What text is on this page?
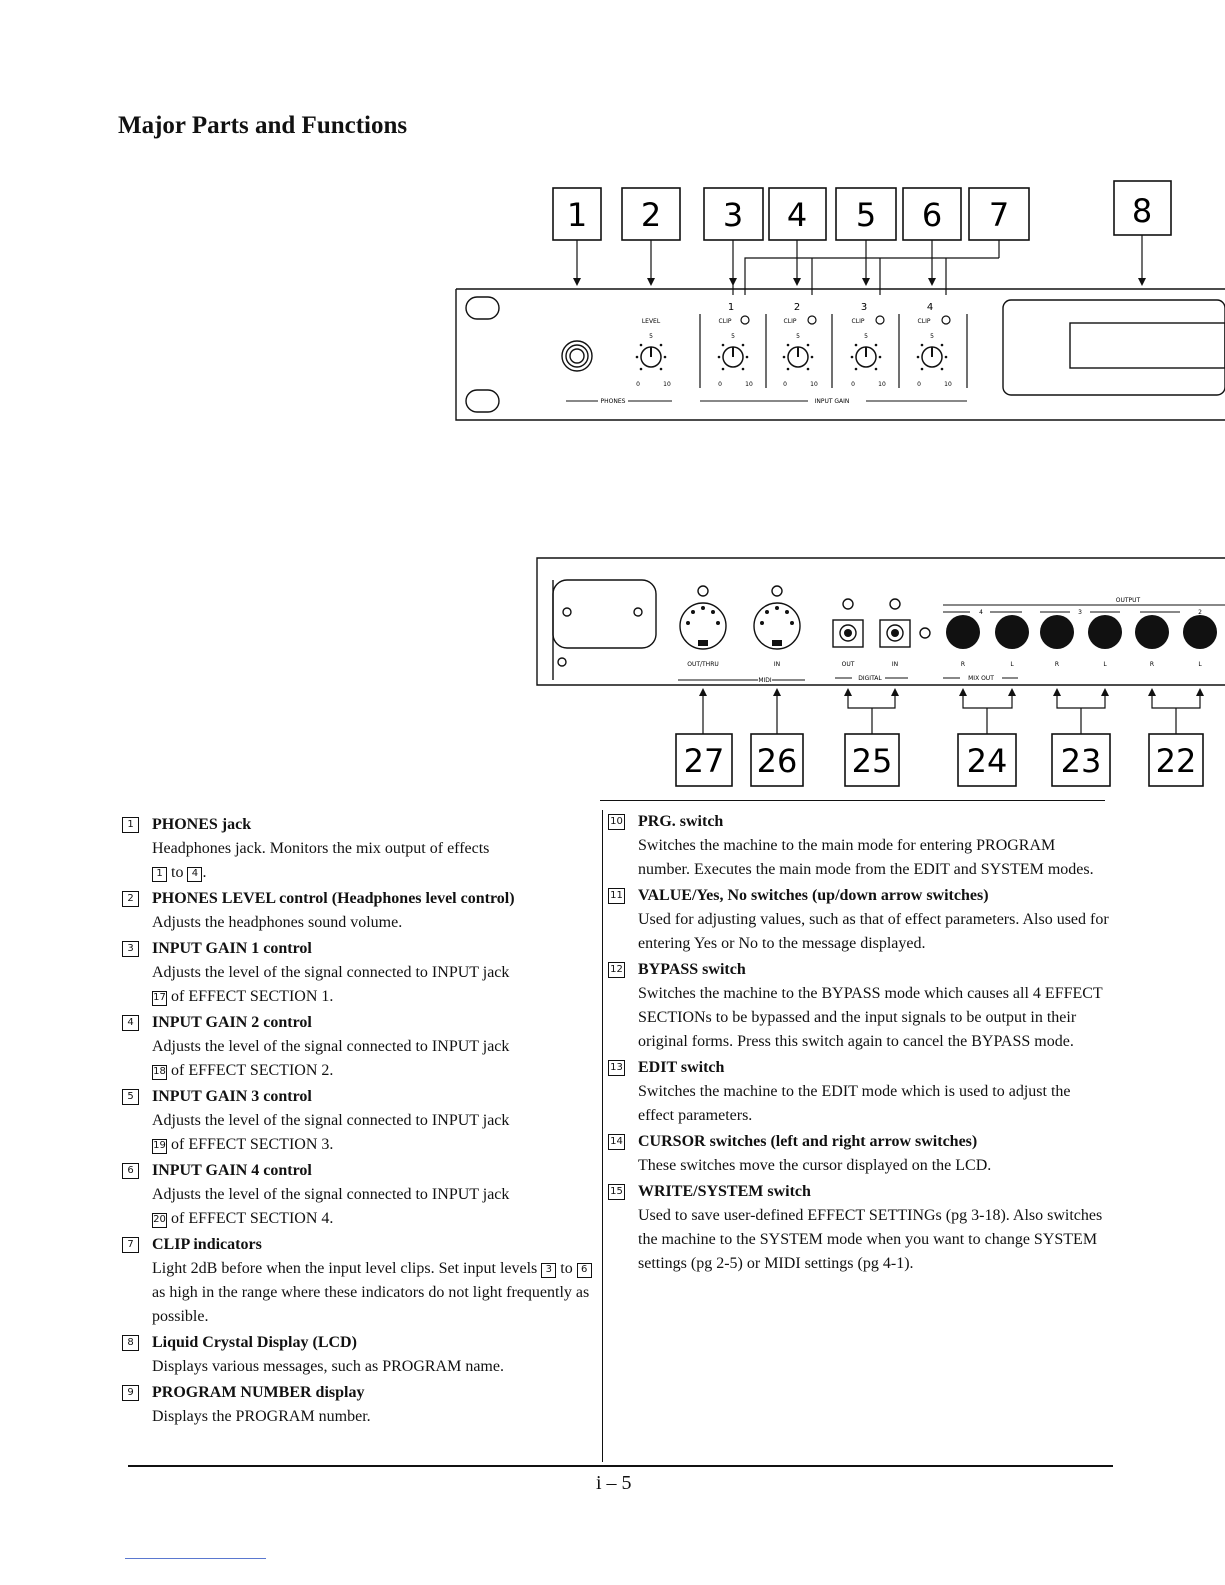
Major Parts and Functions
1 2 3 4 5 6 7	8
1	2	3	4
LEVEL	CLIP	CLIP	CLIP	CLIP
5	5	5	5	5
0	10	0	10	0	10	0	10	0	10
PHONES	INPUT GAIN
OUT/THRU	IN
MIDI
OUT	IN
DIGITAL
OUTPUT
MIX OUT
4	3	2
R	L	R	L	R	L
27 26 25 24 23 22
1	PHONES jack
Headphones jack. Monitors the mix output of effects
1 to 4 .
2	PHONES LEVEL control (Headphones level control)
Adjusts the headphones sound volume.
3	INPUT GAIN 1 control
Adjusts the level of the signal connected to INPUT jack
17 of EFFECT SECTION 1.
4	INPUT GAIN 2 control
Adjusts the level of the signal connected to INPUT jack
18 of EFFECT SECTION 2.
5	INPUT GAIN 3 control
Adjusts the level of the signal connected to INPUT jack
19 of EFFECT SECTION 3.
6	INPUT GAIN 4 control
Adjusts the level of the signal connected to INPUT jack
20 of EFFECT SECTION 4.
7	CLIP indicators
Light 2dB before when the input level clips. Set input levels 3 to 6 as high in the range where these indicators do not light frequently as possible.
8	Liquid Crystal Display (LCD)
Displays various messages, such as PROGRAM name.
9	PROGRAM NUMBER display
Displays the PROGRAM number.
10 PRG. switch
Switches the machine to the main mode for entering PROGRAM number. Executes the main mode from the EDIT and SYSTEM modes.
11 VALUE/Yes, No switches (up/down arrow switches)
Used for adjusting values, such as that of effect parameters. Also used for entering Yes or No to the message displayed.
12 BYPASS switch
Switches the machine to the BYPASS mode which causes all 4 EFFECT SECTIONs to be bypassed and the input signals to be output in their original forms. Press this switch again to cancel the BYPASS mode.
13 EDIT switch
Switches the machine to the EDIT mode which is used to adjust the effect parameters.
14 CURSOR switches (left and right arrow switches)
These switches move the cursor displayed on the LCD.
15 WRITE/SYSTEM switch
Used to save user-defined EFFECT SETTINGs (pg 3-18). Also switches the machine to the SYSTEM mode when you want to change SYSTEM settings (pg 2-5) or MIDI settings (pg 4-1).
i – 5
